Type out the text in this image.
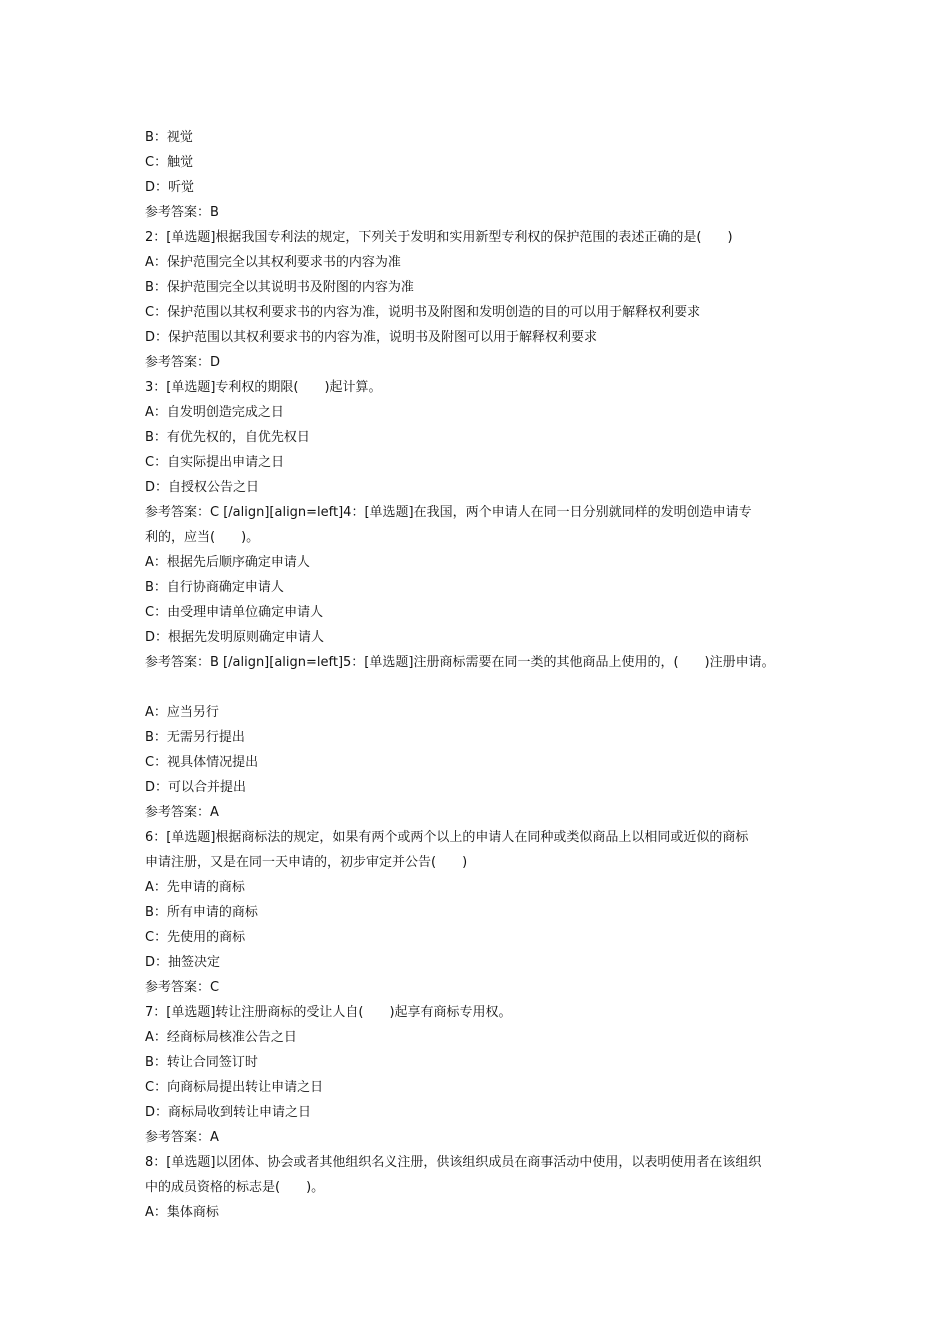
B：视觉
C：触觉
D：听觉
参考答案：B
2：[单选题]根据我国专利法的规定，下列关于发明和实用新型专利权的保护范围的表述正确的是(　　)
A：保护范围完全以其权利要求书的内容为准
B：保护范围完全以其说明书及附图的内容为准
C：保护范围以其权利要求书的内容为准，说明书及附图和发明创造的目的可以用于解释权利要求
D：保护范围以其权利要求书的内容为准，说明书及附图可以用于解释权利要求
参考答案：D
3：[单选题]专利权的期限(　　)起计算。
A：自发明创造完成之日
B：有优先权的，自优先权日
C：自实际提出申请之日
D：自授权公告之日
参考答案：C [/align][align=left]4：[单选题]在我国，两个申请人在同一日分别就同样的发明创造申请专
利的，应当(　　)。
A：根据先后顺序确定申请人
B：自行协商确定申请人
C：由受理申请单位确定申请人
D：根据先发明原则确定申请人
参考答案：B [/align][align=left]5：[单选题]注册商标需要在同一类的其他商品上使用的，(　　)注册申请。
A：应当另行
B：无需另行提出
C：视具体情况提出
D：可以合并提出
参考答案：A
6：[单选题]根据商标法的规定，如果有两个或两个以上的申请人在同种或类似商品上以相同或近似的商标
申请注册，又是在同一天申请的，初步审定并公告(　　)
A：先申请的商标
B：所有申请的商标
C：先使用的商标
D：抽签决定
参考答案：C
7：[单选题]转让注册商标的受让人自(　　)起享有商标专用权。
A：经商标局核准公告之日
B：转让合同签订时
C：向商标局提出转让申请之日
D：商标局收到转让申请之日
参考答案：A
8：[单选题]以团体、协会或者其他组织名义注册，供该组织成员在商事活动中使用，以表明使用者在该组织
中的成员资格的标志是(　　)。
A：集体商标
